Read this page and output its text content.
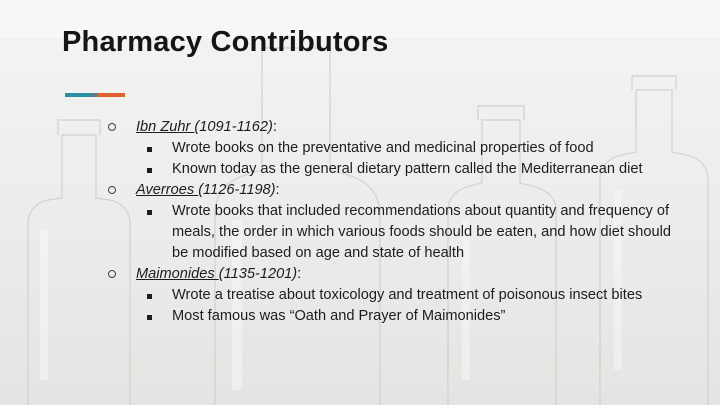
Pharmacy Contributors
Ibn Zuhr (1091-1162):
Wrote books on the preventative and medicinal properties of food
Known today as the general dietary pattern called the Mediterranean diet
Averroes (1126-1198):
Wrote books that included recommendations about quantity and frequency of meals, the order in which various foods should be eaten, and how diet should be modified based on age and state of health
Maimonides (1135-1201):
Wrote a treatise about toxicology and treatment of poisonous insect bites
Most famous was “Oath and Prayer of Maimonides”
